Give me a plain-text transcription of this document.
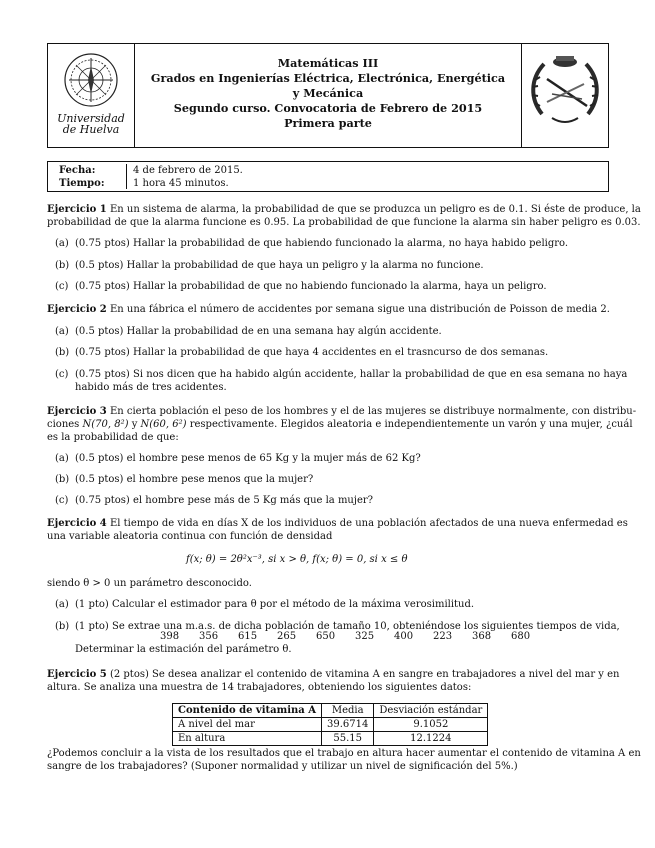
Universidad
de Huelva
Matemáticas III
Grados en Ingenierías Eléctrica, Electrónica, Energética
y Mecánica
Segundo curso. Convocatoria de Febrero de 2015
Primera parte
Fecha:	4 de febrero de 2015.
Tiempo:	1 hora 45 minutos.
Ejercicio 1 En un sistema de alarma, la probabilidad de que se produzca un peligro es de 0.1. Si éste de produce, la
probabilidad de que la alarma funcione es 0.95. La probabilidad de que funcione la alarma sin haber peligro es 0.03.
(a) (0.75 ptos) Hallar la probabilidad de que habiendo funcionado la alarma, no haya habido peligro.
(b) (0.5 ptos) Hallar la probabilidad de que haya un peligro y la alarma no funcione.
(c) (0.75 ptos) Hallar la probabilidad de que no habiendo funcionado la alarma, haya un peligro.
Ejercicio 2 En una fábrica el número de accidentes por semana sigue una distribución de Poisson de media 2.
(a) (0.5 ptos) Hallar la probabilidad de en una semana hay algún accidente.
(b) (0.75 ptos) Hallar la probabilidad de que haya 4 accidentes en el trasncurso de dos semanas.
(c) (0.75 ptos) Si nos dicen que ha habido algún accidente, hallar la probabilidad de que en esa semana no haya
habido más de tres acidentes.
Ejercicio 3 En cierta población el peso de los hombres y el de las mujeres se distribuye normalmente, con distribu-
ciones N(70, 8²) y N(60, 6²) respectivamente. Elegidos aleatoria e independientemente un varón y una mujer, ¿cuál
es la probabilidad de que:
(a) (0.5 ptos) el hombre pese menos de 65 Kg y la mujer más de 62 Kg?
(b) (0.5 ptos) el hombre pese menos que la mujer?
(c) (0.75 ptos) el hombre pese más de 5 Kg más que la mujer?
Ejercicio 4 El tiempo de vida en días X de los individuos de una población afectados de una nueva enfermedad es
una variable aleatoria continua con función de densidad
f(x; θ) = 2θ²x⁻³, si x > θ, f(x; θ) = 0, si x ≤ θ
siendo θ > 0 un parámetro desconocido.
(a) (1 pto) Calcular el estimador para θ por el método de la máxima verosimilitud.
(b) (1 pto) Se extrae una m.a.s. de dicha población de tamaño 10, obteniéndose los siguientes tiempos de vida,
398 356 615 265 650 325 400 223 368 680
Determinar la estimación del parámetro θ.
Ejercicio 5 (2 ptos) Se desea analizar el contenido de vitamina A en sangre en trabajadores a nivel del mar y en
altura. Se analiza una muestra de 14 trabajadores, obteniendo los siguientes datos:
Contenido de vitamina A	Media	Desviación estándar
A nivel del mar	39.6714	9.1052
En altura	55.15	12.1224
¿Podemos concluir a la vista de los resultados que el trabajo en altura hacer aumentar el contenido de vitamina A en
sangre de los trabajadores? (Suponer normalidad y utilizar un nivel de significación del 5%.)
